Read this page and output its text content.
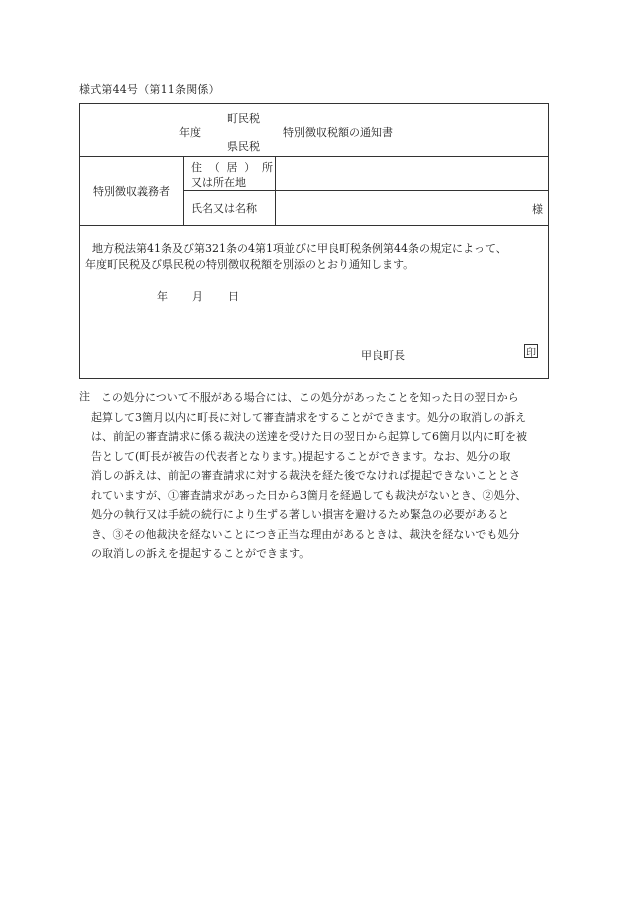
様式第44号（第11条関係）
年度
町民税
県民税
特別徴収税額の通知書
特別徴収義務者
住 （ 居 ） 所
又は所在地
氏名又は名称	様
地方税法第41条及び第321条の4第1項並びに甲良町税条例第44条の規定によって、
年度町民税及び県民税の特別徴収税額を別添のとおり通知します。
年 月 日
甲良町長	印
注 この処分について不服がある場合には、この処分があったことを知った日の翌日から
起算して3箇月以内に町長に対して審査請求をすることができます。処分の取消しの訴え
は、前記の審査請求に係る裁決の送達を受けた日の翌日から起算して6箇月以内に町を被
告として(町長が被告の代表者となります。)提起することができます。なお、処分の取
消しの訴えは、前記の審査請求に対する裁決を経た後でなければ提起できないこととさ
れていますが、①審査請求があった日から3箇月を経過しても裁決がないとき、②処分、
処分の執行又は手続の続行により生ずる著しい損害を避けるため緊急の必要があると
き、③その他裁決を経ないことにつき正当な理由があるときは、裁決を経ないでも処分
の取消しの訴えを提起することができます。
